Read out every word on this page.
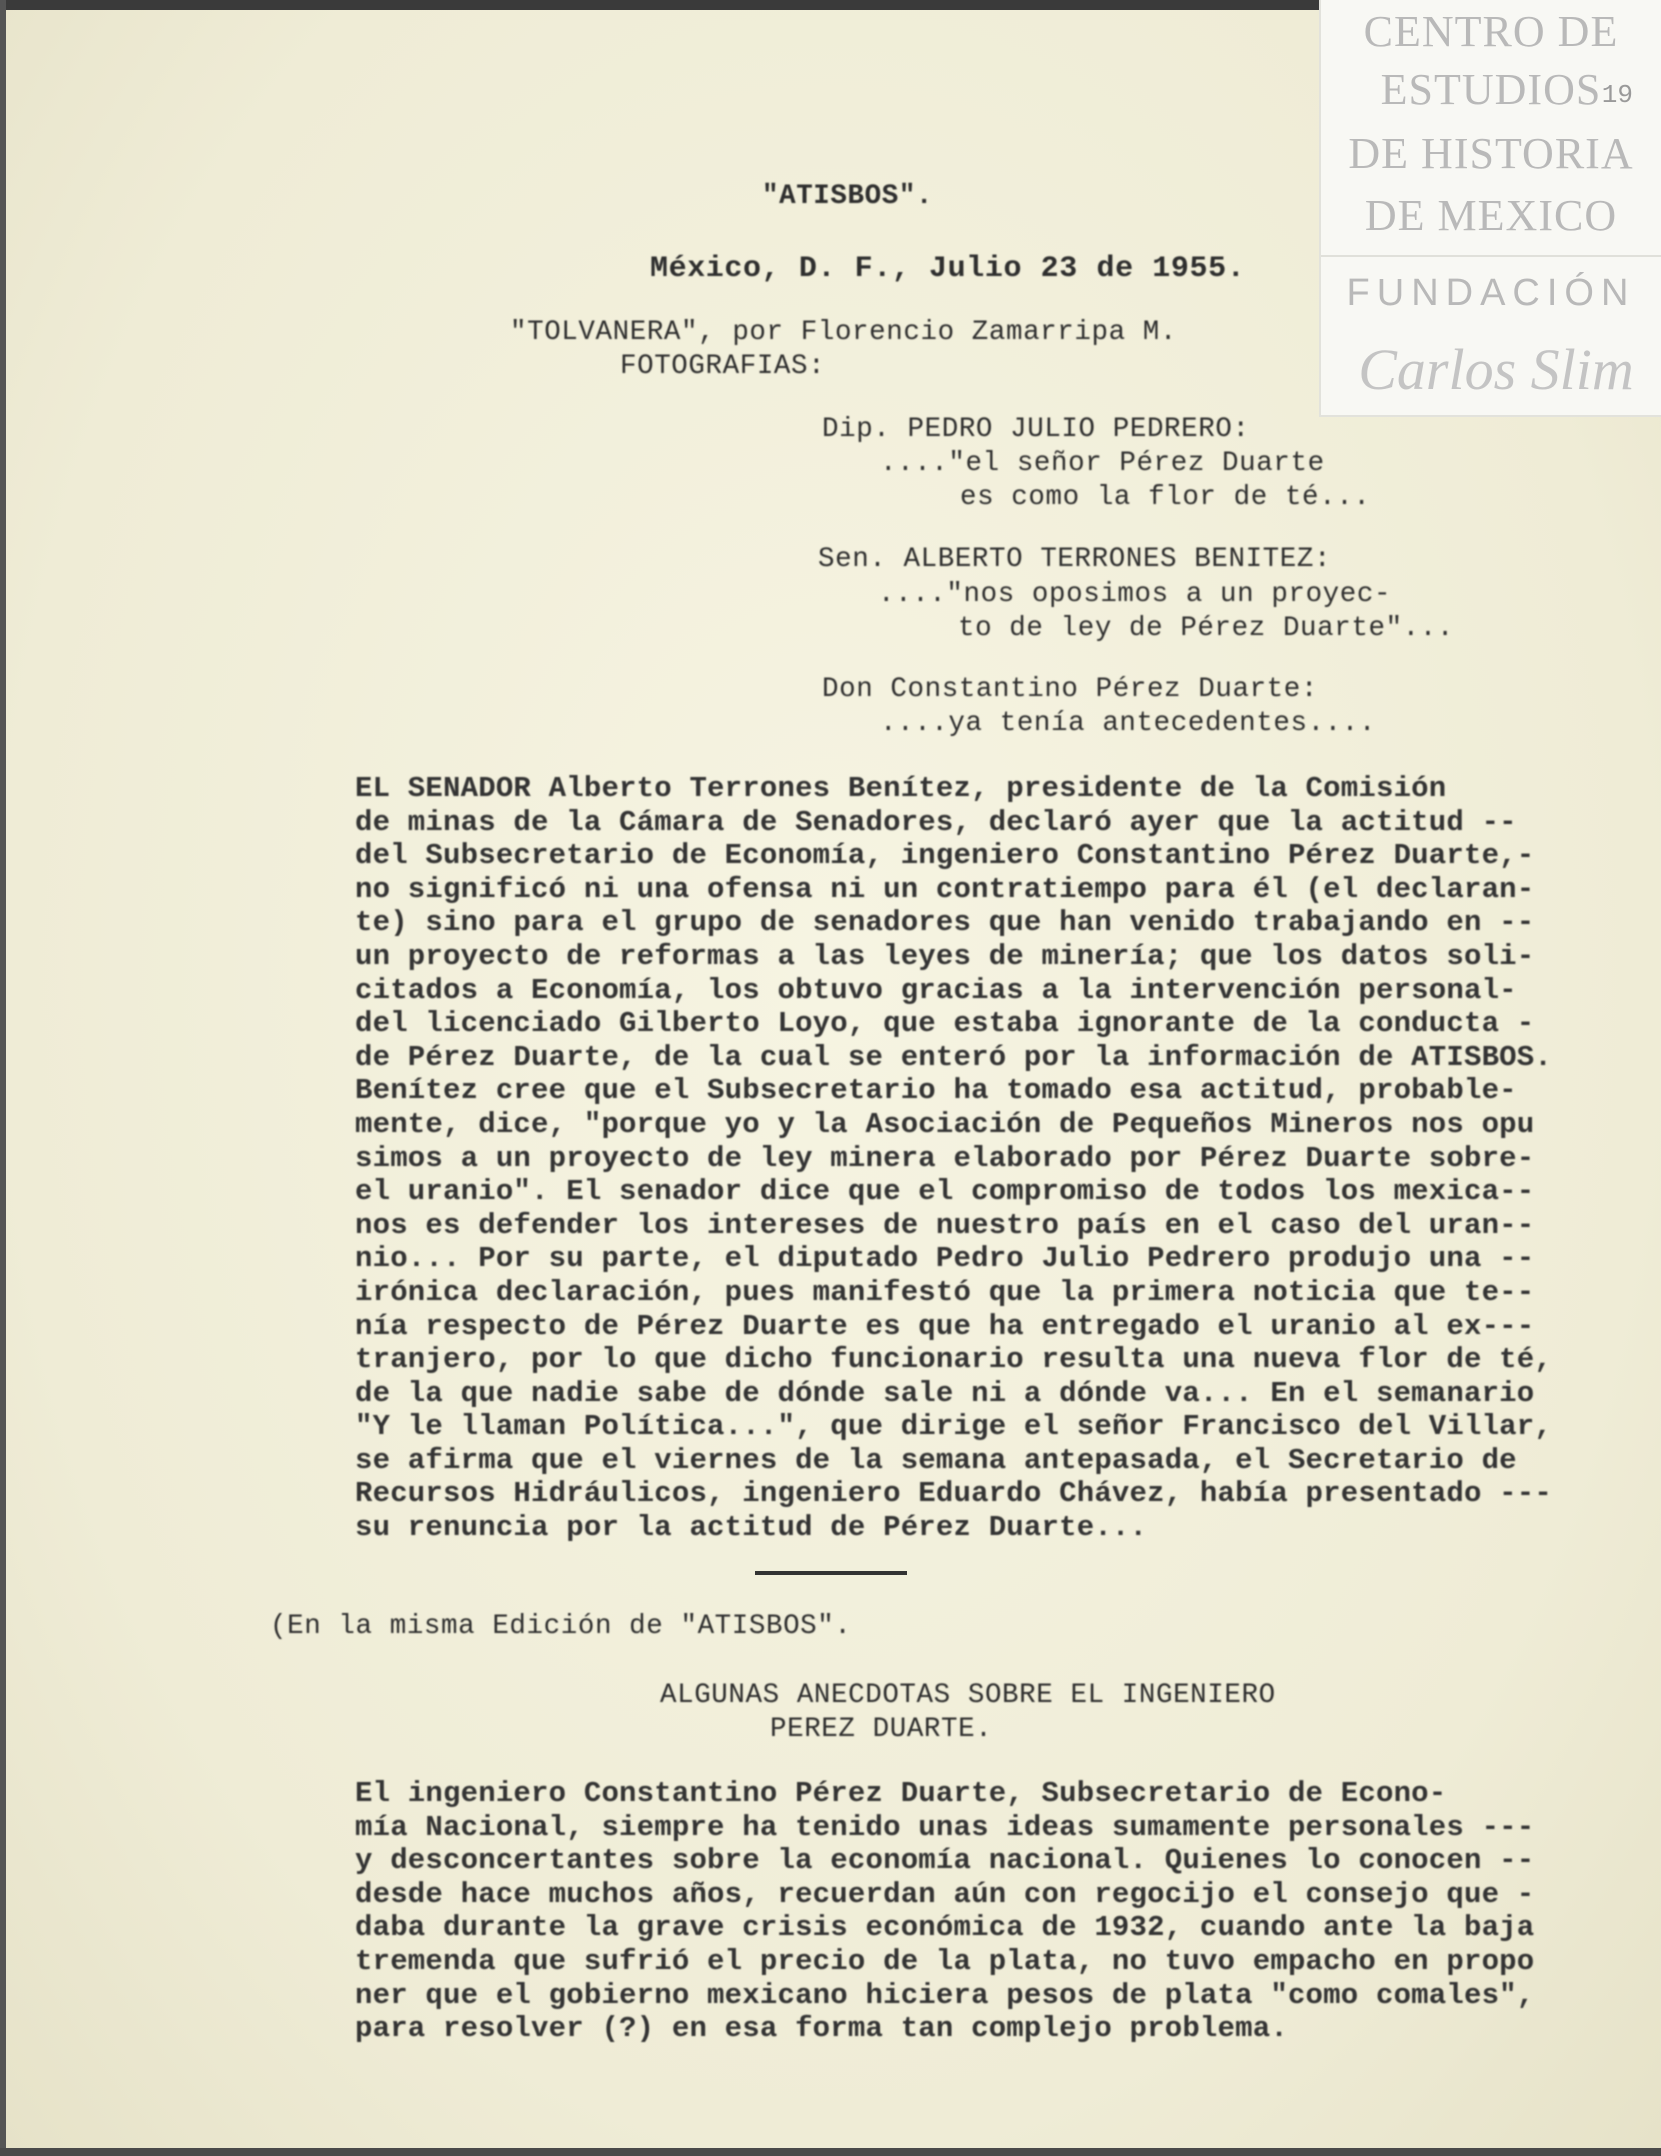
CENTRO DE
ESTUDIOS
DE HISTORIA
DE MEXICO
FUNDACIÓN
Carlos Slim
19
"ATISBOS".
México, D. F., Julio 23 de 1955.
"TOLVANERA", por Florencio Zamarripa M.
FOTOGRAFIAS:
Dip. PEDRO JULIO PEDRERO:
...."el señor Pérez Duarte
es como la flor de té...
Sen. ALBERTO TERRONES BENITEZ:
...."nos oposimos a un proyec-
to de ley de Pérez Duarte"...
Don Constantino Pérez Duarte:
....ya tenía antecedentes....
EL SENADOR Alberto Terrones Benítez, presidente de la Comisión
de minas de la Cámara de Senadores, declaró ayer que la actitud --
del Subsecretario de Economía, ingeniero Constantino Pérez Duarte,-
no significó ni una ofensa ni un contratiempo para él (el declaran-
te) sino para el grupo de senadores que han venido trabajando en --
un proyecto de reformas a las leyes de minería; que los datos soli-
citados a Economía, los obtuvo gracias a la intervención personal-
del licenciado Gilberto Loyo, que estaba ignorante de la conducta -
de Pérez Duarte, de la cual se enteró por la información de ATISBOS.
Benítez cree que el Subsecretario ha tomado esa actitud, probable-
mente, dice, "porque yo y la Asociación de Pequeños Mineros nos opu
simos a un proyecto de ley minera elaborado por Pérez Duarte sobre-
el uranio". El senador dice que el compromiso de todos los mexica--
nos es defender los intereses de nuestro país en el caso del uran--
nio... Por su parte, el diputado Pedro Julio Pedrero produjo una --
irónica declaración, pues manifestó que la primera noticia que te--
nía respecto de Pérez Duarte es que ha entregado el uranio al ex---
tranjero, por lo que dicho funcionario resulta una nueva flor de té,
de la que nadie sabe de dónde sale ni a dónde va... En el semanario
"Y le llaman Política...", que dirige el señor Francisco del Villar,
se afirma que el viernes de la semana antepasada, el Secretario de
Recursos Hidráulicos, ingeniero Eduardo Chávez, había presentado ---
su renuncia por la actitud de Pérez Duarte...
(En la misma Edición de "ATISBOS".
ALGUNAS ANECDOTAS SOBRE EL INGENIERO
PEREZ DUARTE.
El ingeniero Constantino Pérez Duarte, Subsecretario de Econo-
mía Nacional, siempre ha tenido unas ideas sumamente personales ---
y desconcertantes sobre la economía nacional. Quienes lo conocen --
desde hace muchos años, recuerdan aún con regocijo el consejo que -
daba durante la grave crisis económica de 1932, cuando ante la baja
tremenda que sufrió el precio de la plata, no tuvo empacho en propo
ner que el gobierno mexicano hiciera pesos de plata "como comales",
para resolver (?) en esa forma tan complejo problema.
